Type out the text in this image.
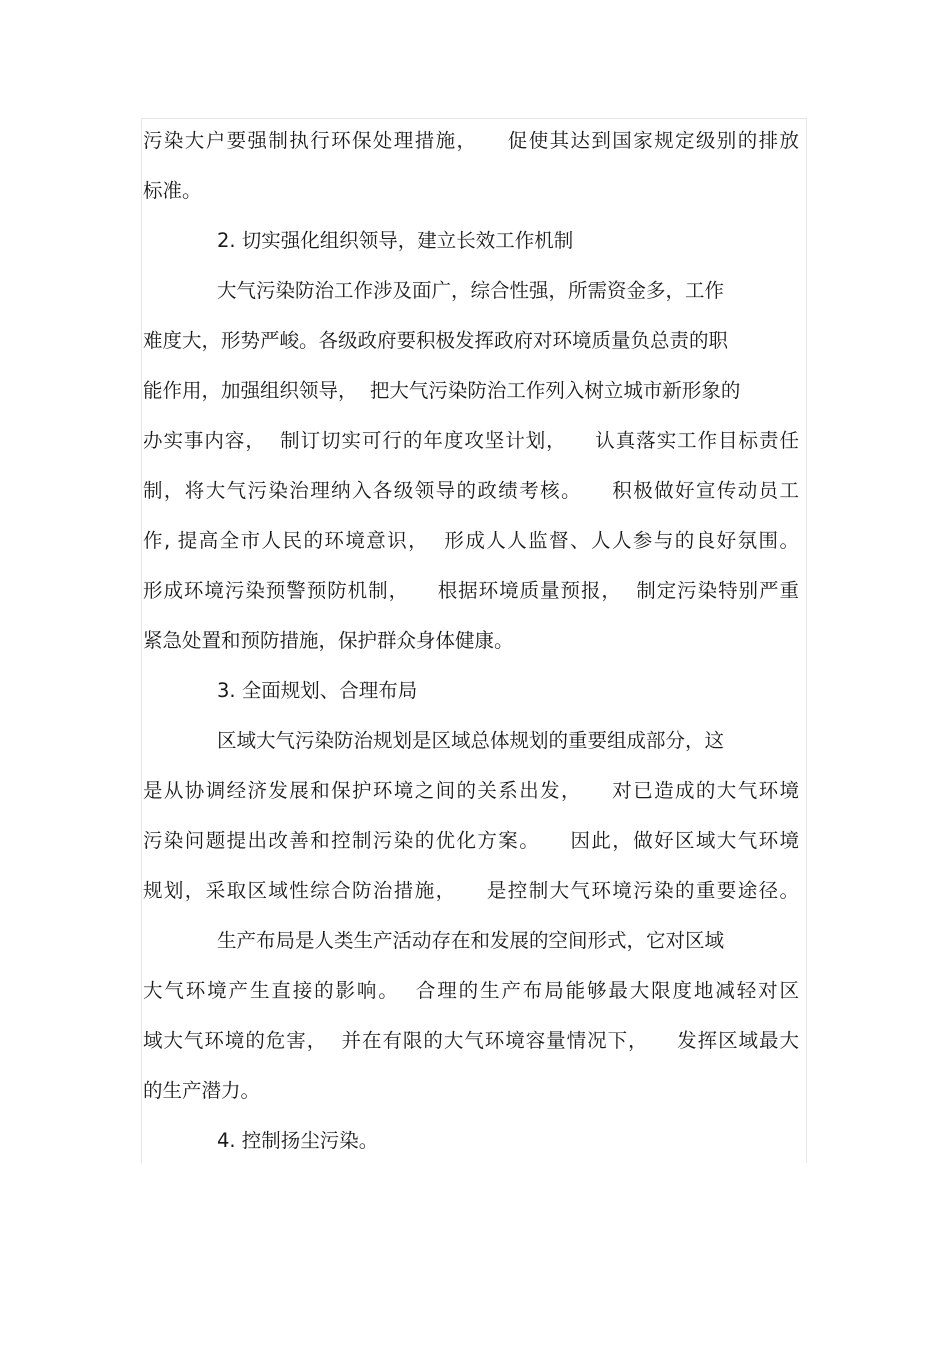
污染大户要强制执行环保处理措施，    促使其达到国家规定级别的排放
标准。
2. 切实强化组织领导，建立长效工作机制
大气污染防治工作涉及面广，综合性强，所需资金多，工作
难度大，形势严峻。各级政府要积极发挥政府对环境质量负总责的职
能作用，加强组织领导，  把大气污染防治工作列入树立城市新形象的
办实事内容，  制订切实可行的年度攻坚计划，    认真落实工作目标责任
制，将大气污染治理纳入各级领导的政绩考核。    积极做好宣传动员工
作, 提高全市人民的环境意识，  形成人人监督、人人参与的良好氛围。
形成环境污染预警预防机制，    根据环境质量预报，  制定污染特别严重
紧急处置和预防措施，保护群众身体健康。
3. 全面规划、合理布局
区域大气污染防治规划是区域总体规划的重要组成部分，这
是从协调经济发展和保护环境之间的关系出发，    对已造成的大气环境
污染问题提出改善和控制污染的优化方案。    因此，做好区域大气环境
规划，采取区域性综合防治措施，    是控制大气环境污染的重要途径。
生产布局是人类生产活动存在和发展的空间形式，它对区域
大气环境产生直接的影响。  合理的生产布局能够最大限度地减轻对区
域大气环境的危害，  并在有限的大气环境容量情况下，    发挥区域最大
的生产潜力。
4. 控制扬尘污染。
